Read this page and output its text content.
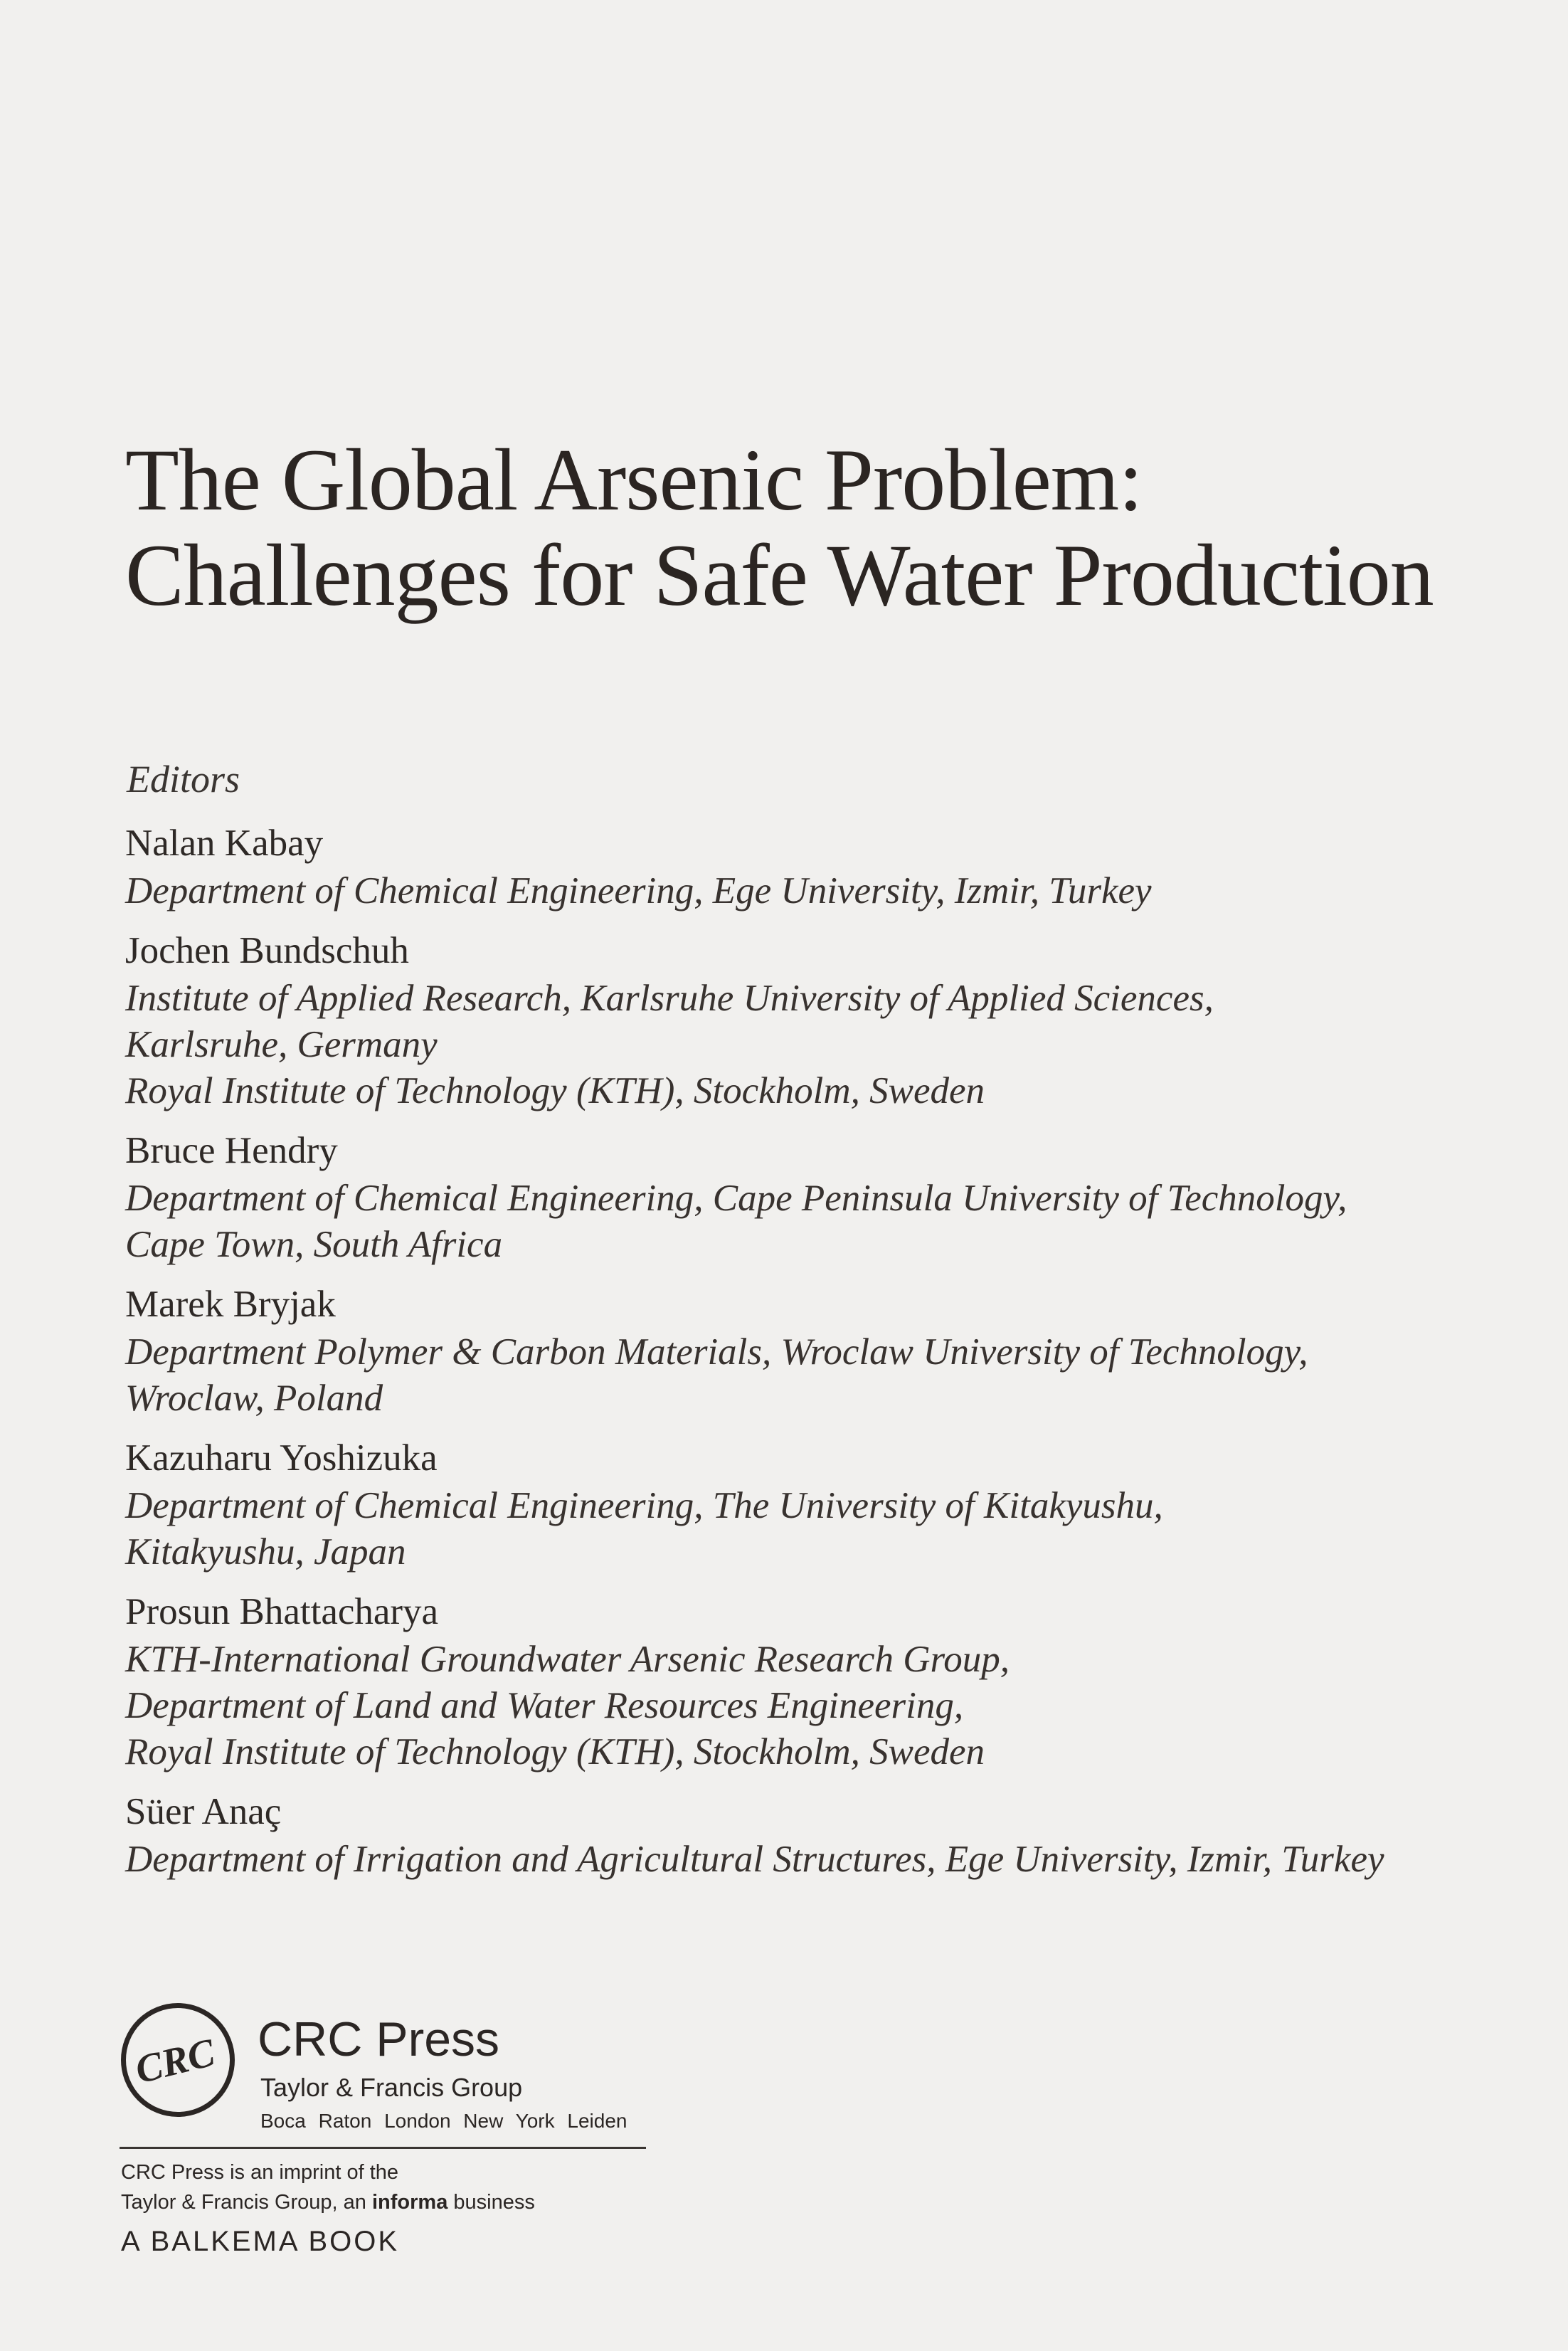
The Global Arsenic Problem:
Challenges for Safe Water Production
Editors
Nalan Kabay
Department of Chemical Engineering, Ege University, Izmir, Turkey
Jochen Bundschuh
Institute of Applied Research, Karlsruhe University of Applied Sciences,
Karlsruhe, Germany
Royal Institute of Technology (KTH), Stockholm, Sweden
Bruce Hendry
Department of Chemical Engineering, Cape Peninsula University of Technology,
Cape Town, South Africa
Marek Bryjak
Department Polymer & Carbon Materials, Wroclaw University of Technology,
Wroclaw, Poland
Kazuharu Yoshizuka
Department of Chemical Engineering, The University of Kitakyushu,
Kitakyushu, Japan
Prosun Bhattacharya
KTH-International Groundwater Arsenic Research Group,
Department of Land and Water Resources Engineering,
Royal Institute of Technology (KTH), Stockholm, Sweden
Süer Anaç
Department of Irrigation and Agricultural Structures, Ege University, Izmir, Turkey
CRC CRC Press
Taylor & Francis Group
Boca Raton London New York Leiden
CRC Press is an imprint of the
Taylor & Francis Group, an informa business
A BALKEMA BOOK
